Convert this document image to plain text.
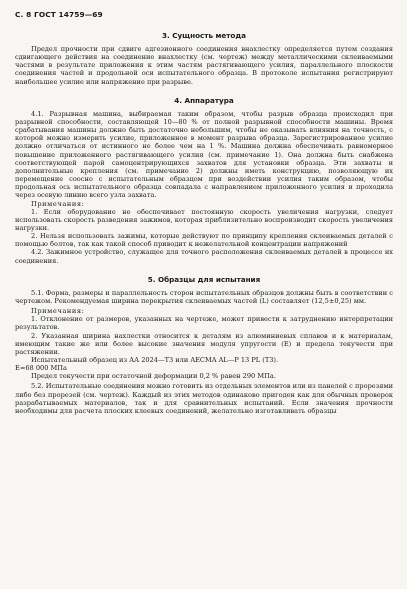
С. 8 ГОСТ 14759—69
3. Сущность метода

Предел прочности при сдвиге адгезионного соединения внахлестку определяется путем создания сдвигающего действия на соединение внахлестку (см. чертеж) между металлическими склеиваемыми частями в результате приложения к этим частям растягивающего усилия, параллельного плоскости соединения частей и продольной оси испытательного образца. В протоколе испытания регистрируют наибольшее усилие или напряжение при разрыве.

4. Аппаратура

4.1. Разрывная машина, выбираемая таким образом, чтобы разрыв образца происходил при разрывной способности, составляющей 10—80 % от полной разрывной способности машины. Время срабатывания машины должно быть достаточно небольшим, чтобы не оказывать влияния на точность, с которой можно измерить усилие, приложенное в момент разрыва образца. Зарегистрированное усилие должно отличаться от истинного не более чем на 1 %. Машина должна обеспечивать равномерное повышение приложенного растягивающего усилия (см. примечание 1). Она должна быть снабжена соответствующей парой самоцентрирующихся захватов для установки образца. Эти захваты и дополнительные крепления (см. примечание 2) должны иметь конструкцию, позволяющую их перемещение соосно с испытательным образцом при воздействии усилия таким образом, чтобы продольная ось испытательного образца совпадала с направлением приложенного усилия и проходила через осевую линию всего узла захвата.

Примечания:

1. Если оборудование не обеспечивает постоянную скорость увеличения нагрузки, следует использовать скорость разведения зажимов, которая приблизительно воспроизводит скорость увеличения нагрузки.

2. Нельзя использовать зажимы, которые действуют по принципу крепления склеиваемых деталей с помощью болтов, так как такой способ приводит к нежелательной концентрации напряжений

4.2. Зажимное устройство, служащее для точного расположения склеиваемых деталей в процессе их соединения.

5. Образцы для испытания

5.1. Форма, размеры и параллельность сторон испытательных образцов должны быть в соответствии с чертежом. Рекомендуемая ширина перекрытия склеиваемых частей (L) составляет (12,5±0,25) мм.

Примечания:

1. Отклонение от размеров, указанных на чертеже, может привести к затруднению интерпретации результатов.

2. Указанная ширина нахлестки относится к деталям из алюминиевых сплавов и к материалам, имеющим такие же или более высокие значения модуля упругости (E) и предела текучести при растяжении.

Испытательный образец из АА 2024—Т3 или AECMA AL—P 13 PL (Т3).

E=68 000 МПа

Предел текучести при остаточной деформации 0,2 % равен 290 МПа.

5.2. Испытательные соединения можно готовить из отдельных элементов или из панелей с прорезями либо без прорезей (см. чертеж). Каждый из этих методов одинаково пригоден как для обычных проверок разрабатываемых материалов, так и для сравнительных испытаний. Если значения прочности необходимы для расчета плоских клеевых соединений, желательно изготавливать образцы
